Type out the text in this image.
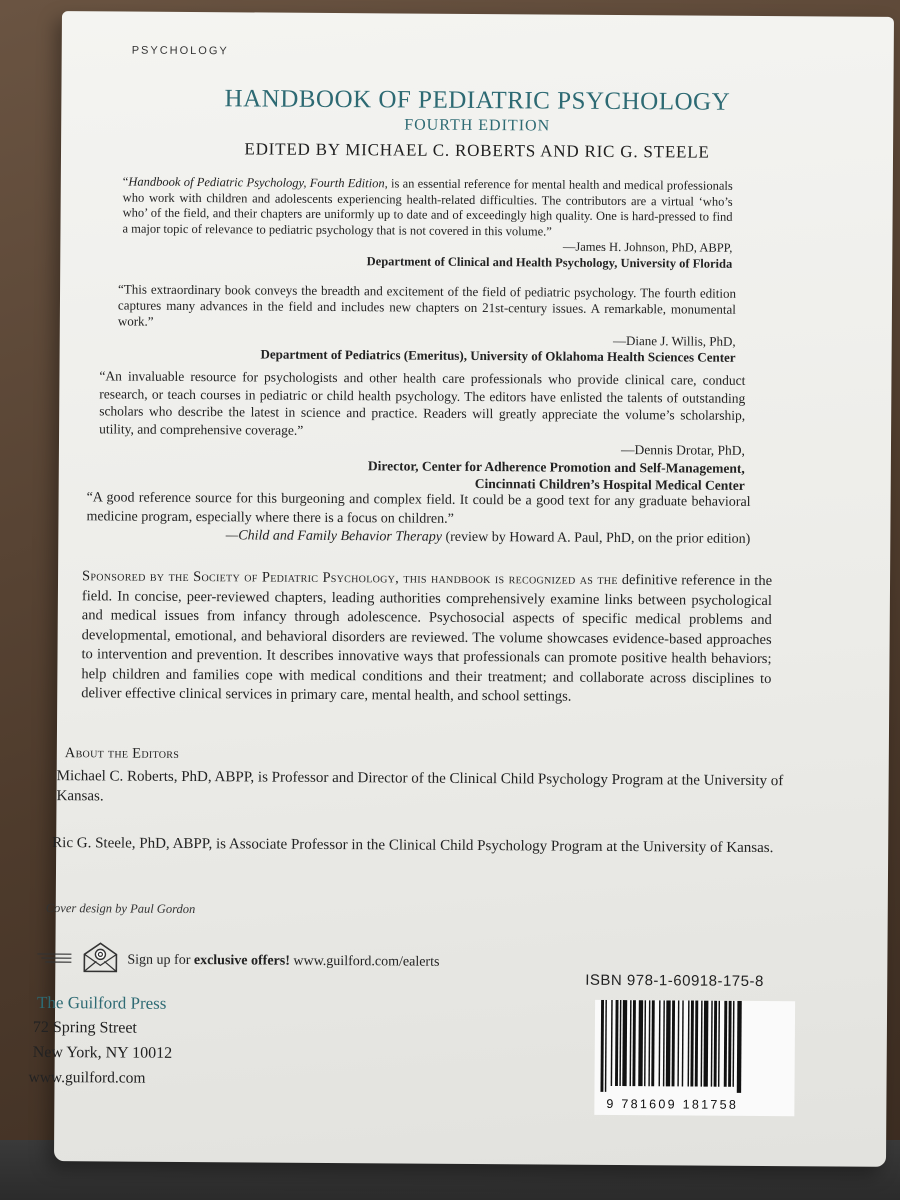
PSYCHOLOGY
HANDBOOK OF PEDIATRIC PSYCHOLOGY
FOURTH EDITION
EDITED BY MICHAEL C. ROBERTS AND RIC G. STEELE
“Handbook of Pediatric Psychology, Fourth Edition, is an essential reference for mental health and medical professionals who work with children and adolescents experiencing health-related difficulties. The contributors are a virtual ‘who’s who’ of the field, and their chapters are uniformly up to date and of exceedingly high quality. One is hard-pressed to find a major topic of relevance to pediatric psychology that is not covered in this volume.”
—James H. Johnson, PhD, ABPP,
Department of Clinical and Health Psychology, University of Florida
“This extraordinary book conveys the breadth and excitement of the field of pediatric psychology. The fourth edition captures many advances in the field and includes new chapters on 21st-century issues. A remarkable, monumental work.”
—Diane J. Willis, PhD,
Department of Pediatrics (Emeritus), University of Oklahoma Health Sciences Center
“An invaluable resource for psychologists and other health care professionals who provide clinical care, conduct research, or teach courses in pediatric or child health psychology. The editors have enlisted the talents of outstanding scholars who describe the latest in science and practice. Readers will greatly appreciate the volume’s scholarship, utility, and comprehensive coverage.”
—Dennis Drotar, PhD,
Director, Center for Adherence Promotion and Self-Management,
Cincinnati Children’s Hospital Medical Center
“A good reference source for this burgeoning and complex field. It could be a good text for any graduate behavioral medicine program, especially where there is a focus on children.”
—Child and Family Behavior Therapy (review by Howard A. Paul, PhD, on the prior edition)
Sponsored by the Society of Pediatric Psychology, this handbook is recognized as the definitive reference in the field. In concise, peer-reviewed chapters, leading authorities comprehensively examine links between psychological and medical issues from infancy through adolescence. Psychosocial aspects of specific medical problems and developmental, emotional, and behavioral disorders are reviewed. The volume showcases evidence-based approaches to intervention and prevention. It describes innovative ways that professionals can promote positive health behaviors; help children and families cope with medical conditions and their treatment; and collaborate across disciplines to deliver effective clinical services in primary care, mental health, and school settings.
About the Editors
Michael C. Roberts, PhD, ABPP, is Professor and Director of the Clinical Child Psychology Program at the University of Kansas.
Ric G. Steele, PhD, ABPP, is Associate Professor in the Clinical Child Psychology Program at the University of Kansas.
Cover design by Paul Gordon
Sign up for exclusive offers! www.guilford.com/ealerts
ISBN 978-1-60918-175-8
9 781609 181758
The Guilford Press
72 Spring Street
New York, NY 10012
www.guilford.com
